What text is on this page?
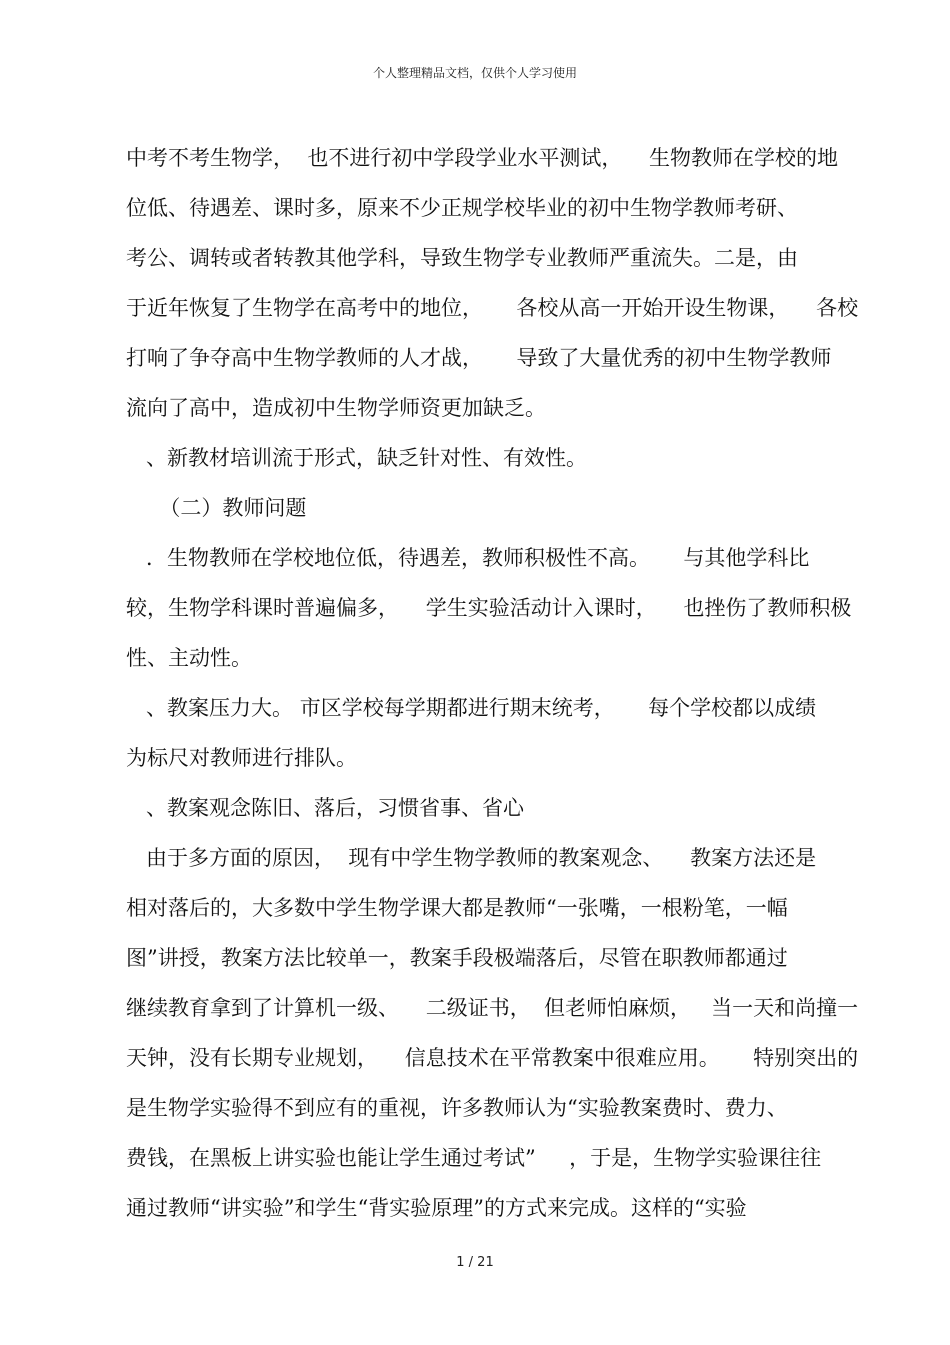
个人整理精品文档，仅供个人学习使用
中考不考生物学，  也不进行初中学段学业水平测试，    生物教师在学校的地
位低、待遇差、课时多，原来不少正规学校毕业的初中生物学教师考研、
考公、调转或者转教其他学科，导致生物学专业教师严重流失。二是，由
于近年恢复了生物学在高考中的地位，     各校从高一开始开设生物课，    各校
打响了争夺高中生物学教师的人才战，     导致了大量优秀的初中生物学教师
流向了高中，造成初中生物学师资更加缺乏。
、新教材培训流于形式，缺乏针对性、有效性。
（二）教师问题
．生物教师在学校地位低，待遇差，教师积极性不高。     与其他学科比
较，生物学科课时普遍偏多，    学生实验活动计入课时，    也挫伤了教师积极
性、主动性。
、教案压力大。 市区学校每学期都进行期末统考，     每个学校都以成绩
为标尺对教师进行排队。
、教案观念陈旧、落后，习惯省事、省心
由于多方面的原因，  现有中学生物学教师的教案观念、    教案方法还是
相对落后的，大多数中学生物学课大都是教师“一张嘴，一根粉笔，一幅
图”讲授，教案方法比较单一，教案手段极端落后，尽管在职教师都通过
继续教育拿到了计算机一级、    二级证书，  但老师怕麻烦，   当一天和尚撞一
天钟，没有长期专业规划，    信息技术在平常教案中很难应用。     特别突出的
是生物学实验得不到应有的重视，许多教师认为“实验教案费时、费力、
费钱，在黑板上讲实验也能让学生通过考试”     ，于是，生物学实验课往往
通过教师“讲实验”和学生“背实验原理”的方式来完成。这样的“实验
1 / 21
